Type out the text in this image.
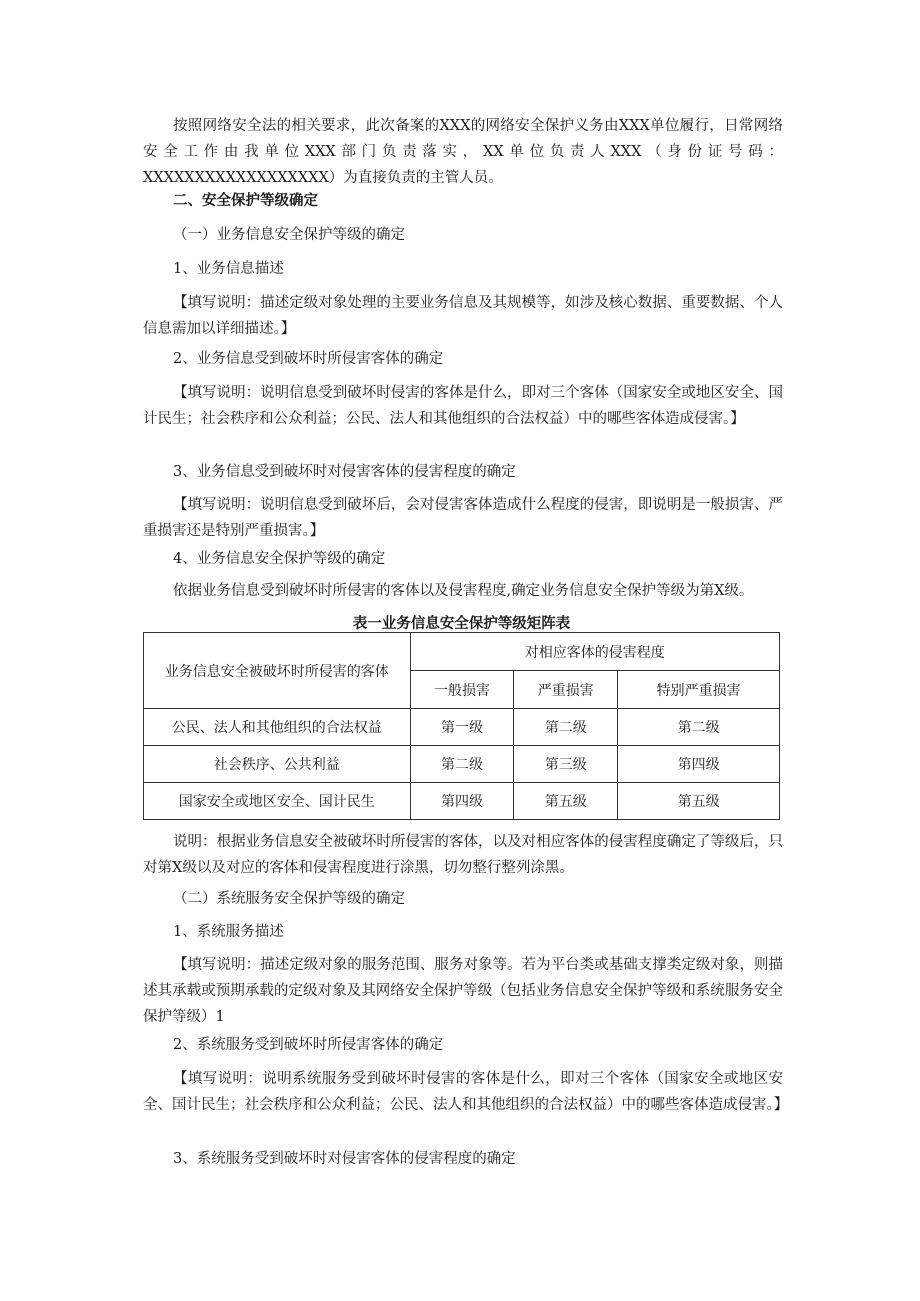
按照网络安全法的相关要求，此次备案的XXX的网络安全保护义务由XXX单位履行，日常网络安全工作由我单位XXX部门负责落实，XX单位负责人XXX（身份证号码：XXXXXXXXXXXXXXXXXX）为直接负责的主管人员。

二、安全保护等级确定

（一）业务信息安全保护等级的确定

1、业务信息描述

【填写说明：描述定级对象处理的主要业务信息及其规模等，如涉及核心数据、重要数据、个人信息需加以详细描述。】

2、业务信息受到破坏时所侵害客体的确定

【填写说明：说明信息受到破坏时侵害的客体是什么，即对三个客体（国家安全或地区安全、国计民生；社会秩序和公众利益；公民、法人和其他组织的合法权益）中的哪些客体造成侵害。】

3、业务信息受到破坏时对侵害客体的侵害程度的确定

【填写说明：说明信息受到破坏后，会对侵害客体造成什么程度的侵害，即说明是一般损害、严重损害还是特别严重损害。】

4、业务信息安全保护等级的确定

依据业务信息受到破坏时所侵害的客体以及侵害程度,确定业务信息安全保护等级为第X级。

表一业务信息安全保护等级矩阵表
业务信息安全被破坏时所侵害的客体	对相应客体的侵害程度		
	一般损害	严重损害	特别严重损害
公民、法人和其他组织的合法权益	第一级	第二级	第二级
社会秩序、公共利益	第二级	第三级	第四级
国家安全或地区安全、国计民生	第四级	第五级	第五级

说明：根据业务信息安全被破坏时所侵害的客体，以及对相应客体的侵害程度确定了等级后，只对第X级以及对应的客体和侵害程度进行涂黑，切勿整行整列涂黑。

（二）系统服务安全保护等级的确定

1、系统服务描述

【填写说明：描述定级对象的服务范围、服务对象等。若为平台类或基础支撑类定级对象，则描述其承载或预期承载的定级对象及其网络安全保护等级（包括业务信息安全保护等级和系统服务安全保护等级）1

2、系统服务受到破坏时所侵害客体的确定

【填写说明：说明系统服务受到破坏时侵害的客体是什么，即对三个客体（国家安全或地区安全、国计民生；社会秩序和公众利益；公民、法人和其他组织的合法权益）中的哪些客体造成侵害。】

3、系统服务受到破坏时对侵害客体的侵害程度的确定
